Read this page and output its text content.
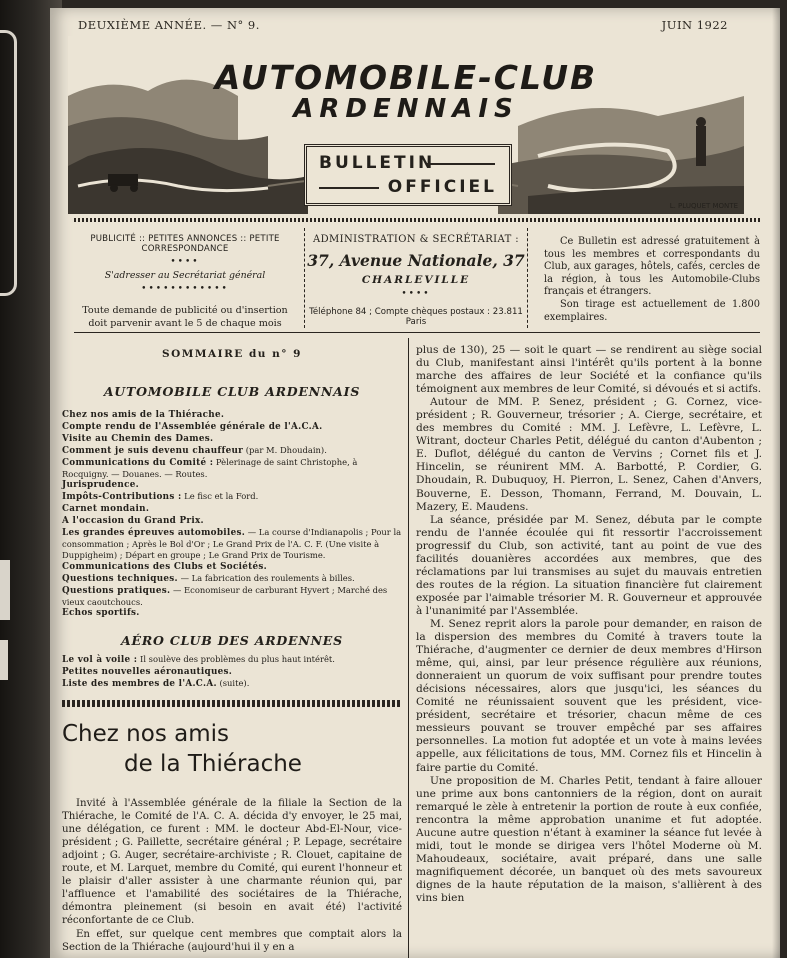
DEUXIÈME ANNÉE. — N° 9.	JUIN 1922
AUTOMOBILE-CLUB
ARDENNAIS
BULLETIN
OFFICIEL
L. PLUQUET MONTE
PUBLICITÉ :: PETITES ANNONCES :: PETITE CORRESPONDANCE
••••
S'adresser au Secrétariat général
••••••••••••
Toute demande de publicité ou d'insertion doit parvenir avant le 5 de chaque mois
ADMINISTRATION & SECRÉTARIAT :
37, Avenue Nationale, 37
CHARLEVILLE
••••
Téléphone 84 ; Compte chèques postaux : 23.811 Paris

Ce Bulletin est adressé gratuitement à tous les membres et correspondants du Club, aux garages, hôtels, cafés, cercles de la région, à tous les Automobile-Clubs français et étrangers.

Son tirage est actuellement de 1.800 exemplaires.

SOMMAIRE du n° 9
AUTOMOBILE CLUB ARDENNAIS
Chez nos amis de la Thiérache.
Compte rendu de l'Assemblée générale de l'A.C.A.
Visite au Chemin des Dames.
Comment je suis devenu chauffeur (par M. Dhoudain).
Communications du Comité : Pèlerinage de saint Christophe, à Rocquigny. — Douanes. — Routes.
Jurisprudence.
Impôts-Contributions : Le fisc et la Ford.
Carnet mondain.
A l'occasion du Grand Prix.
Les grandes épreuves automobiles. — La course d'Indianapolis ; Pour la consommation ; Après le Bol d'Or ; Le Grand Prix de l'A. C. F. (Une visite à Duppigheim) ; Départ en groupe ; Le Grand Prix de Tourisme.
Communications des Clubs et Sociétés.
Questions techniques. — La fabrication des roulements à billes.
Questions pratiques. — Economiseur de carburant Hyvert ; Marché des vieux caoutchoucs.
Echos sportifs.
AÉRO CLUB DES ARDENNES
Le vol à voile : Il soulève des problèmes du plus haut intérêt.
Petites nouvelles aéronautiques.
Liste des membres de l'A.C.A. (suite).
Chez nos amis
de la Thiérache

Invité à l'Assemblée générale de la filiale la Section de la Thiérache, le Comité de l'A. C. A. décida d'y envoyer, le 25 mai, une délégation, ce furent : MM. le docteur Abd-El-Nour, vice-président ; G. Paillette, secrétaire général ; P. Lepage, secrétaire adjoint ; G. Auger, secrétaire-archiviste ; R. Clouet, capitaine de route, et M. Larquet, membre du Comité, qui eurent l'honneur et le plaisir d'aller assister à une charmante réunion qui, par l'affluence et l'amabilité des sociétaires de la Thiérache, démontra pleinement (si besoin en avait été) l'activité réconfortante de ce Club.

En effet, sur quelque cent membres que comptait alors la Section de la Thiérache (aujourd'hui il y en a

plus de 130), 25 — soit le quart — se rendirent au siège social du Club, manifestant ainsi l'intérêt qu'ils portent à la bonne marche des affaires de leur Société et la confiance qu'ils témoignent aux membres de leur Comité, si dévoués et si actifs.

Autour de MM. P. Senez, président ; G. Cornez, vice-président ; R. Gouverneur, trésorier ; A. Cierge, secrétaire, et des membres du Comité : MM. J. Lefèvre, L. Lefèvre, L. Witrant, docteur Charles Petit, délégué du canton d'Aubenton ; E. Duflot, délégué du canton de Vervins ; Cornet fils et J. Hincelin, se réunirent MM. A. Barbotté, P. Cordier, G. Dhoudain, R. Dubuquoy, H. Pierron, L. Senez, Cahen d'Anvers, Bouverne, E. Desson, Thomann, Ferrand, M. Douvain, L. Mazery, E. Maudens.

La séance, présidée par M. Senez, débuta par le compte rendu de l'année écoulée qui fit ressortir l'accroissement progressif du Club, son activité, tant au point de vue des facilités douanières accordées aux membres, que des réclamations par lui transmises au sujet du mauvais entretien des routes de la région. La situation financière fut clairement exposée par l'aimable trésorier M. R. Gouverneur et approuvée à l'unanimité par l'Assemblée.

M. Senez reprit alors la parole pour demander, en raison de la dispersion des membres du Comité à travers toute la Thiérache, d'augmenter ce dernier de deux membres d'Hirson même, qui, ainsi, par leur présence régulière aux réunions, donneraient un quorum de voix suffisant pour prendre toutes décisions nécessaires, alors que jusqu'ici, les séances du Comité ne réunissaient souvent que les président, vice-président, secrétaire et trésorier, chacun même de ces messieurs pouvant se trouver empêché par ses affaires personnelles. La motion fut adoptée et un vote à mains levées appelle, aux félicitations de tous, MM. Cornez fils et Hincelin à faire partie du Comité.

Une proposition de M. Charles Petit, tendant à faire allouer une prime aux bons cantonniers de la région, dont on aurait remarqué le zèle à entretenir la portion de route à eux confiée, rencontra la même approbation unanime et fut adoptée. Aucune autre question n'étant à examiner la séance fut levée à midi, tout le monde se dirigea vers l'hôtel Moderne où M. Mahoudeaux, sociétaire, avait préparé, dans une salle magnifiquement décorée, un banquet où des mets savoureux dignes de la haute réputation de la maison, s'allièrent à des vins bien
